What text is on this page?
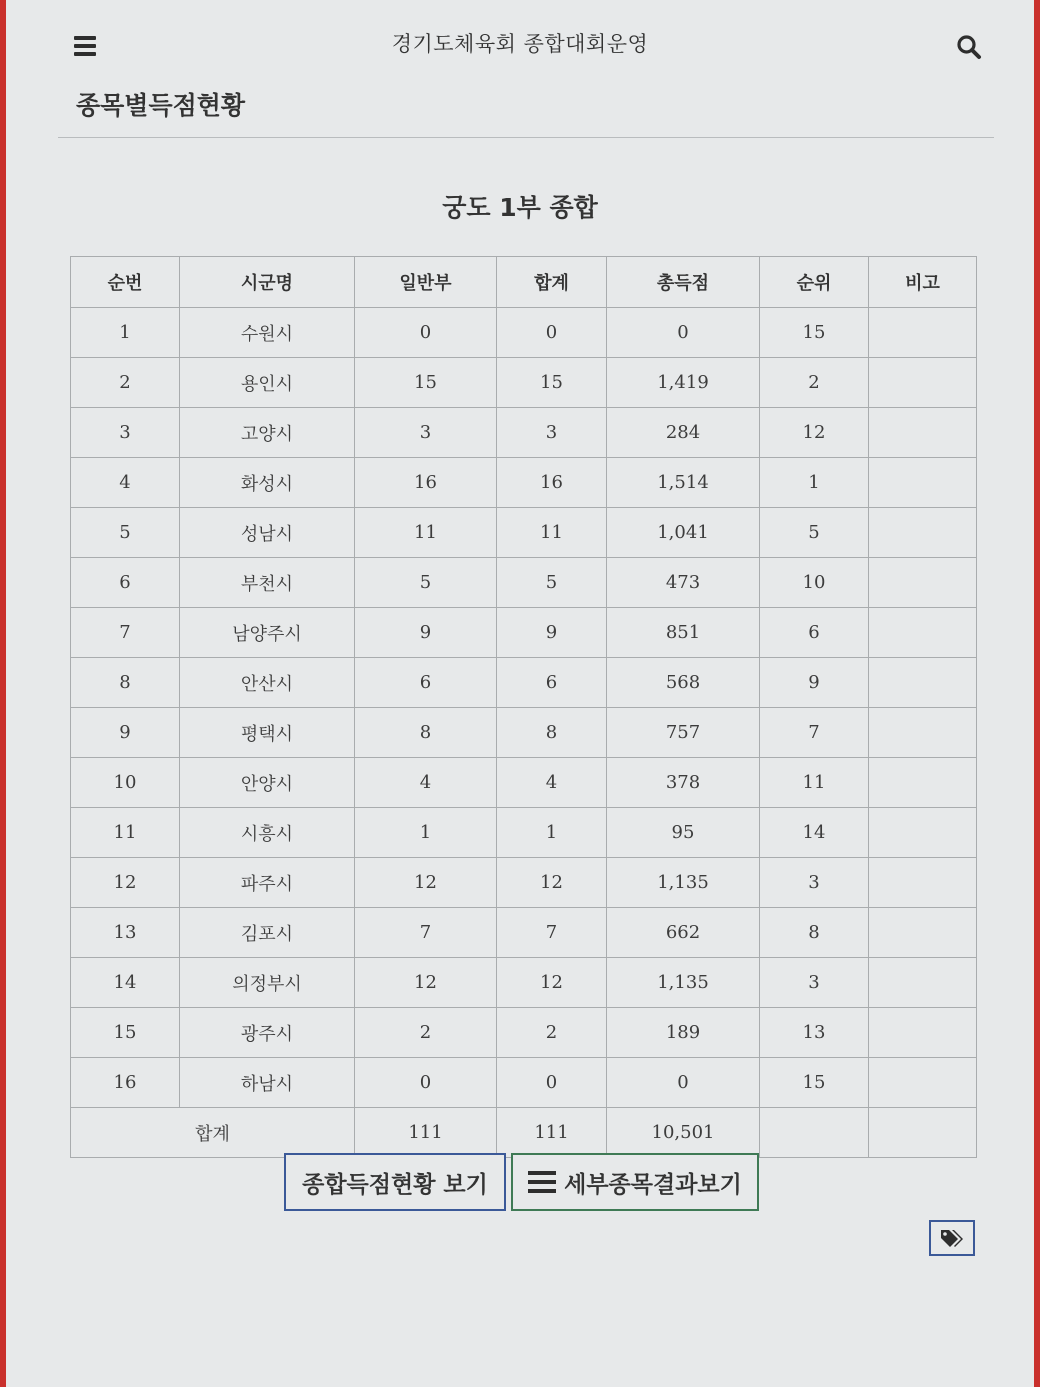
경기도체육회 종합대회운영
종목별득점현황
궁도 1부 종합
순번	시군명	일반부	합계	총득점	순위	비고
1	수원시	0	0	0	15	
2	용인시	15	15	1,419	2	
3	고양시	3	3	284	12	
4	화성시	16	16	1,514	1	
5	성남시	11	11	1,041	5	
6	부천시	5	5	473	10	
7	남양주시	9	9	851	6	
8	안산시	6	6	568	9	
9	평택시	8	8	757	7	
10	안양시	4	4	378	11	
11	시흥시	1	1	95	14	
12	파주시	12	12	1,135	3	
13	김포시	7	7	662	8	
14	의정부시	12	12	1,135	3	
15	광주시	2	2	189	13	
16	하남시	0	0	0	15	
합계		111	111	10,501		
종합득점현황 보기	세부종목결과보기
